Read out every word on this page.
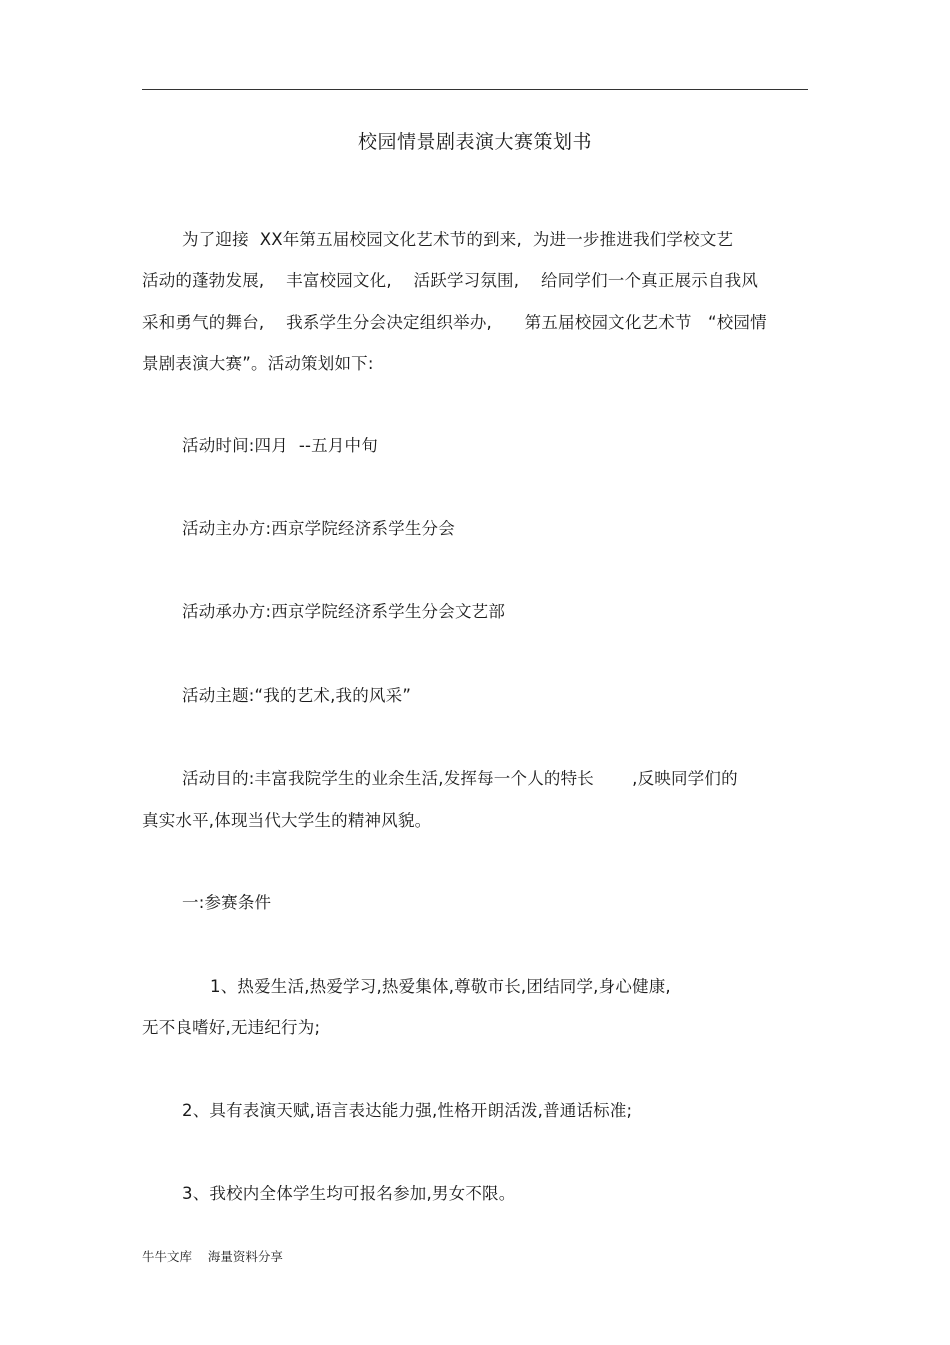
校园情景剧表演大赛策划书
为了迎接  XX年第五届校园文化艺术节的到来,  为进一步推进我们学校文艺
活动的蓬勃发展,    丰富校园文化,    活跃学习氛围,    给同学们一个真正展示自我风
采和勇气的舞台,    我系学生分会决定组织举办,      第五届校园文化艺术节   “校园情
景剧表演大赛”。活动策划如下:
活动时间:四月  --五月中旬
活动主办方:西京学院经济系学生分会
活动承办方:西京学院经济系学生分会文艺部
活动主题:“我的艺术,我的风采”
活动目的:丰富我院学生的业余生活,发挥每一个人的特长       ,反映同学们的
真实水平,体现当代大学生的精神风貌。
一:参赛条件
1、热爱生活,热爱学习,热爱集体,尊敬市长,团结同学,身心健康,
无不良嗜好,无违纪行为;
2、具有表演天赋,语言表达能力强,性格开朗活泼,普通话标准;
3、我校内全体学生均可报名参加,男女不限。
牛牛文库    海量资料分享
